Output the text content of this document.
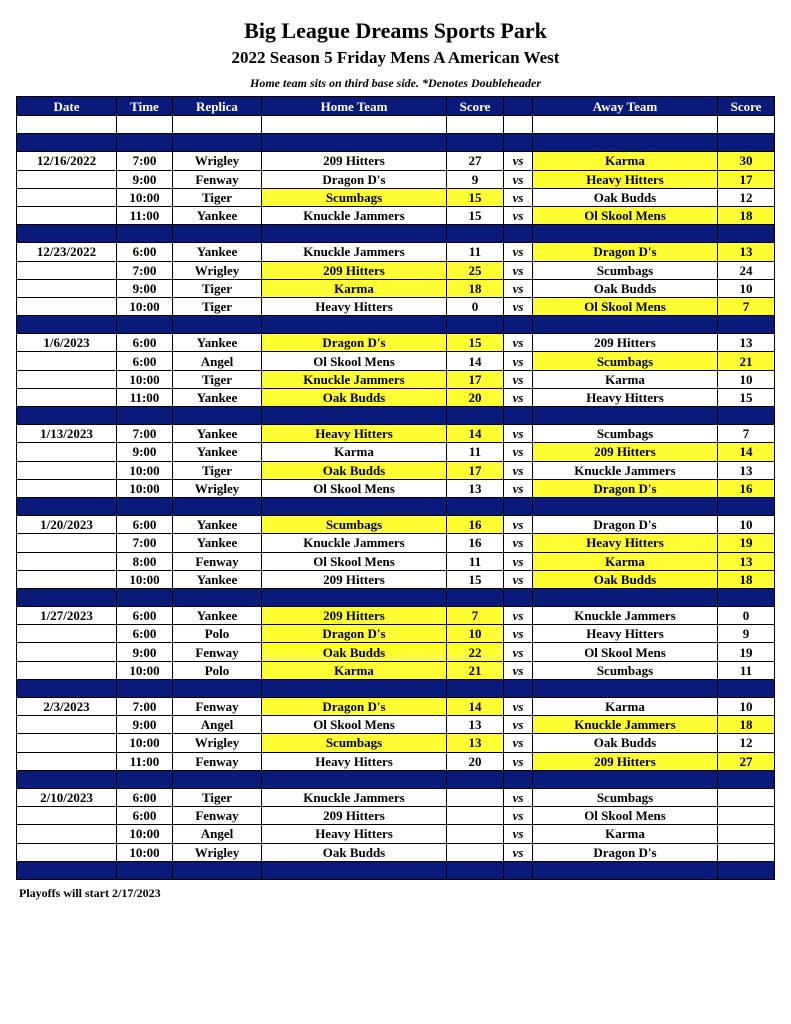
Big League Dreams Sports Park
2022 Season 5 Friday Mens A American West
Home team sits on third base side. *Denotes Doubleheader
Date	Time	Replica	Home Team	Score		Away Team	Score

12/16/2022	7:00	Wrigley	209 Hitters	27	vs	Karma	30
	9:00	Fenway	Dragon D's	9	vs	Heavy Hitters	17
	10:00	Tiger	Scumbags	15	vs	Oak Budds	12
	11:00	Yankee	Knuckle Jammers	15	vs	Ol Skool Mens	18

12/23/2022	6:00	Yankee	Knuckle Jammers	11	vs	Dragon D's	13
	7:00	Wrigley	209 Hitters	25	vs	Scumbags	24
	9:00	Tiger	Karma	18	vs	Oak Budds	10
	10:00	Tiger	Heavy Hitters	0	vs	Ol Skool Mens	7

1/6/2023	6:00	Yankee	Dragon D's	15	vs	209 Hitters	13
	6:00	Angel	Ol Skool Mens	14	vs	Scumbags	21
	10:00	Tiger	Knuckle Jammers	17	vs	Karma	10
	11:00	Yankee	Oak Budds	20	vs	Heavy Hitters	15

1/13/2023	7:00	Yankee	Heavy Hitters	14	vs	Scumbags	7
	9:00	Yankee	Karma	11	vs	209 Hitters	14
	10:00	Tiger	Oak Budds	17	vs	Knuckle Jammers	13
	10:00	Wrigley	Ol Skool Mens	13	vs	Dragon D's	16

1/20/2023	6:00	Yankee	Scumbags	16	vs	Dragon D's	10
	7:00	Yankee	Knuckle Jammers	16	vs	Heavy Hitters	19
	8:00	Fenway	Ol Skool Mens	11	vs	Karma	13
	10:00	Yankee	209 Hitters	15	vs	Oak Budds	18

1/27/2023	6:00	Yankee	209 Hitters	7	vs	Knuckle Jammers	0
	6:00	Polo	Dragon D's	10	vs	Heavy Hitters	9
	9:00	Fenway	Oak Budds	22	vs	Ol Skool Mens	19
	10:00	Polo	Karma	21	vs	Scumbags	11

2/3/2023	7:00	Fenway	Dragon D's	14	vs	Karma	10
	9:00	Angel	Ol Skool Mens	13	vs	Knuckle Jammers	18
	10:00	Wrigley	Scumbags	13	vs	Oak Budds	12
	11:00	Fenway	Heavy Hitters	20	vs	209 Hitters	27

2/10/2023	6:00	Tiger	Knuckle Jammers		vs	Scumbags	
	6:00	Fenway	209 Hitters		vs	Ol Skool Mens	
	10:00	Angel	Heavy Hitters		vs	Karma	
	10:00	Wrigley	Oak Budds		vs	Dragon D's	

Playoffs will start 2/17/2023
